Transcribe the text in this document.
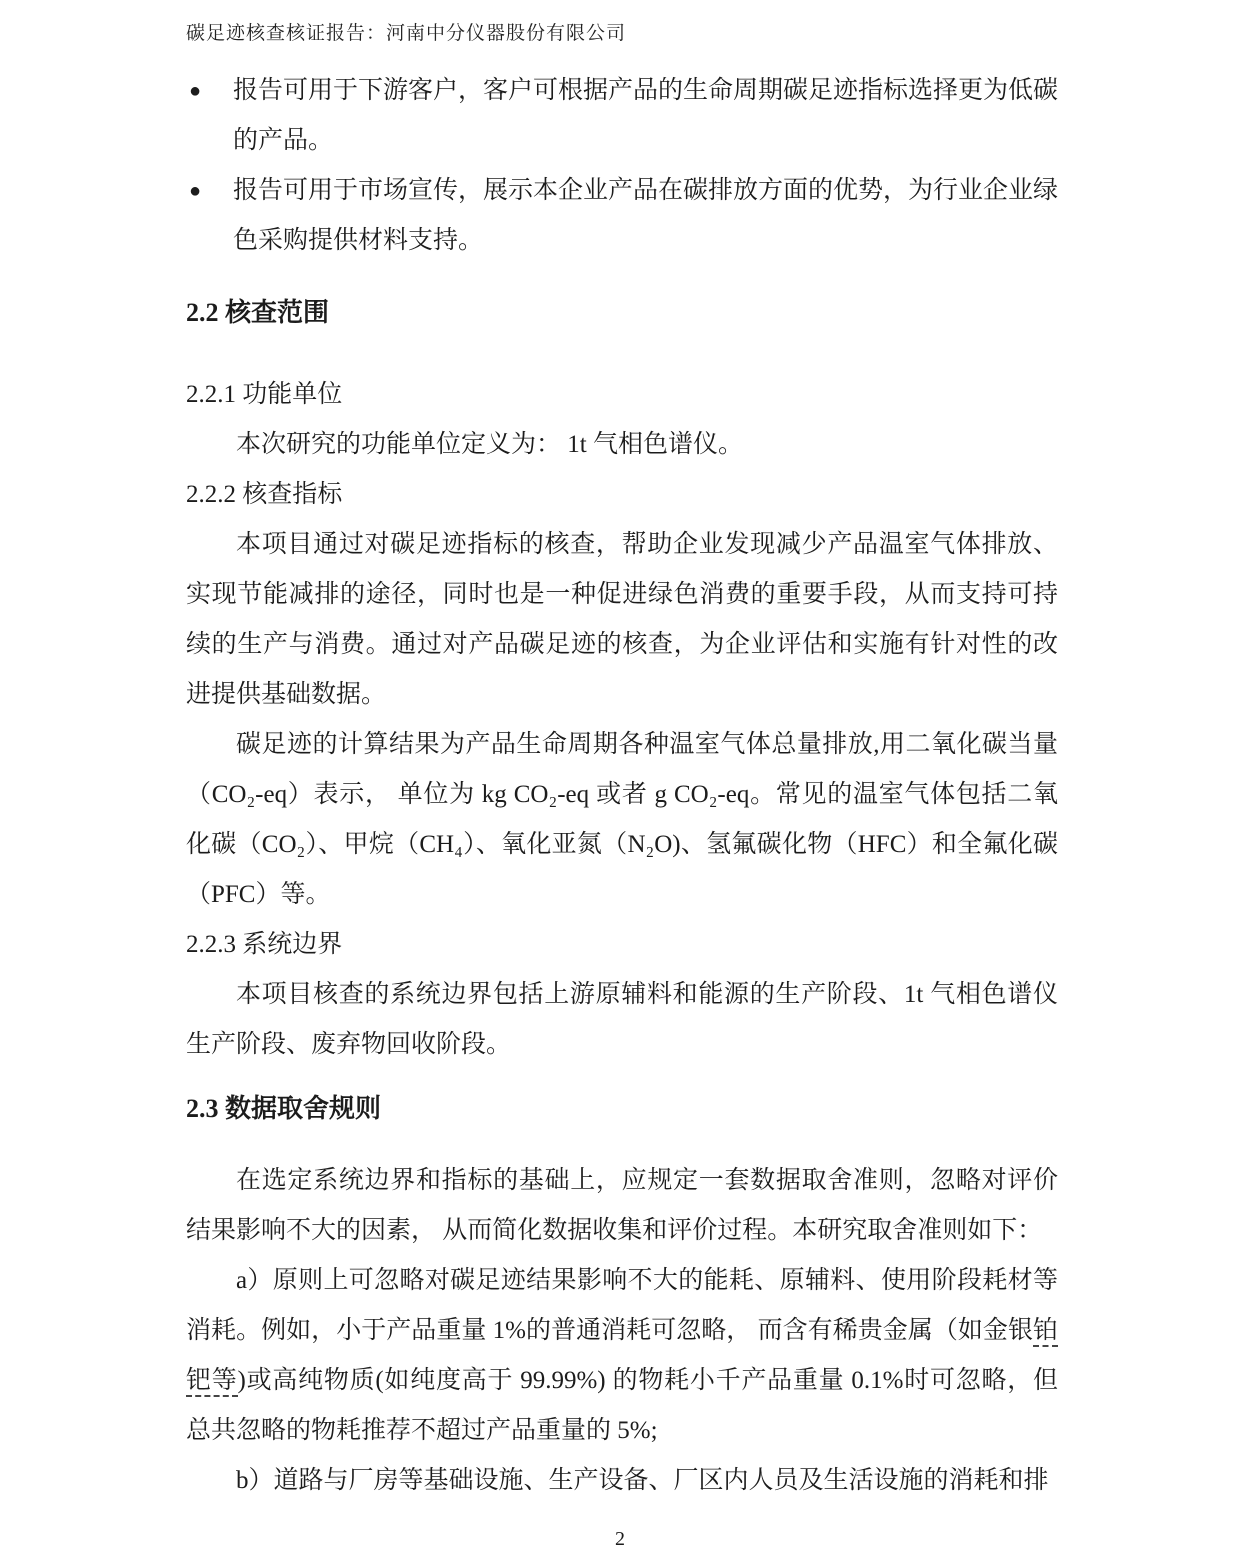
碳足迹核查核证报告：河南中分仪器股份有限公司
●	报告可用于下游客户，客户可根据产品的生命周期碳足迹指标选择更为低碳的产品。
●	报告可用于市场宣传，展示本企业产品在碳排放方面的优势，为行业企业绿色采购提供材料支持。
2.2 核查范围
2.2.1 功能单位

本次研究的功能单位定义为： 1t 气相色谱仪。

2.2.2 核查指标

本项目通过对碳足迹指标的核查，帮助企业发现减少产品温室气体排放、实现节能减排的途径，同时也是一种促进绿色消费的重要手段，从而支持可持续的生产与消费。通过对产品碳足迹的核查，为企业评估和实施有针对性的改进提供基础数据。

碳足迹的计算结果为产品生命周期各种温室气体总量排放,用二氧化碳当量（CO₂-eq）表示， 单位为 kg CO₂-eq 或者 g CO₂-eq。常见的温室气体包括二氧化碳（CO₂）、甲烷（CH₄）、氧化亚氮（N₂O)、氢氟碳化物（HFC）和全氟化碳（PFC）等。

2.2.3 系统边界

本项目核查的系统边界包括上游原辅料和能源的生产阶段、1t 气相色谱仪生产阶段、废弃物回收阶段。

2.3 数据取舍规则

在选定系统边界和指标的基础上，应规定一套数据取舍准则，忽略对评价结果影响不大的因素， 从而简化数据收集和评价过程。本研究取舍准则如下：

a）原则上可忽略对碳足迹结果影响不大的能耗、原辅料、使用阶段耗材等消耗。例如，小于产品重量 1%的普通消耗可忽略， 而含有稀贵金属（如金银铂钯等)或高纯物质(如纯度高于 99.99%) 的物耗小千产品重量 0.1%时可忽略，但总共忽略的物耗推荐不超过产品重量的 5%;

b）道路与厂房等基础设施、生产设备、厂区内人员及生活设施的消耗和排

2
